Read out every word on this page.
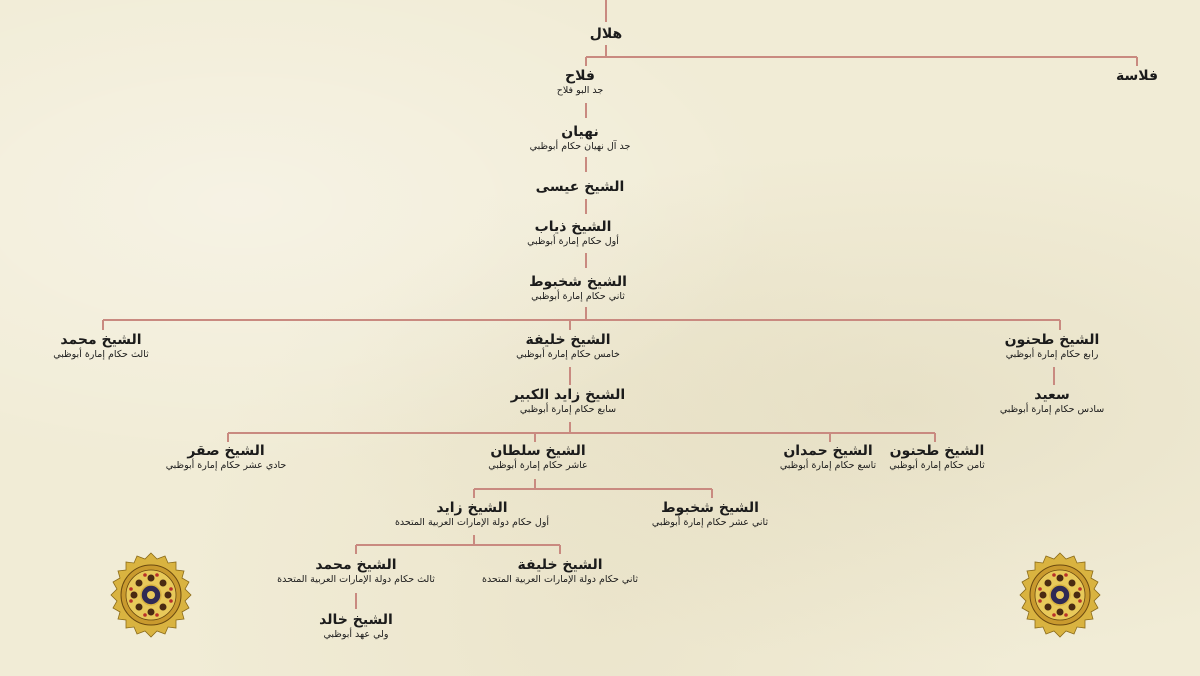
هلال
فلاسة
فلاح
جد البو فلاح
نهيان
جد آل نهيان حكام أبوظبي
الشيخ عيسى
الشيخ ذياب
أول حكام إمارة أبوظبي
الشيخ شخبوط
ثاني حكام إمارة أبوظبي
الشيخ محمد
ثالث حكام إمارة أبوظبي
الشيخ خليفة
خامس حكام إمارة أبوظبي
الشيخ طحنون
رابع حكام إمارة أبوظبي
سعيد
سادس حكام إمارة أبوظبي
الشيخ زايد الكبير
سابع حكام إمارة أبوظبي
الشيخ صقر
حادي عشر حكام إمارة أبوظبي
الشيخ سلطان
عاشر حكام إمارة أبوظبي
الشيخ حمدان
تاسع حكام إمارة أبوظبي
الشيخ طحنون
ثامن حكام إمارة أبوظبي
الشيخ زايد
أول حكام دولة الإمارات العربية المتحدة
الشيخ شخبوط
ثاني عشر حكام إمارة أبوظبي
الشيخ محمد
ثالث حكام دولة الإمارات العربية المتحدة
الشيخ خليفة
ثاني حكام دولة الإمارات العربية المتحدة
الشيخ خالد
ولي عهد أبوظبي
